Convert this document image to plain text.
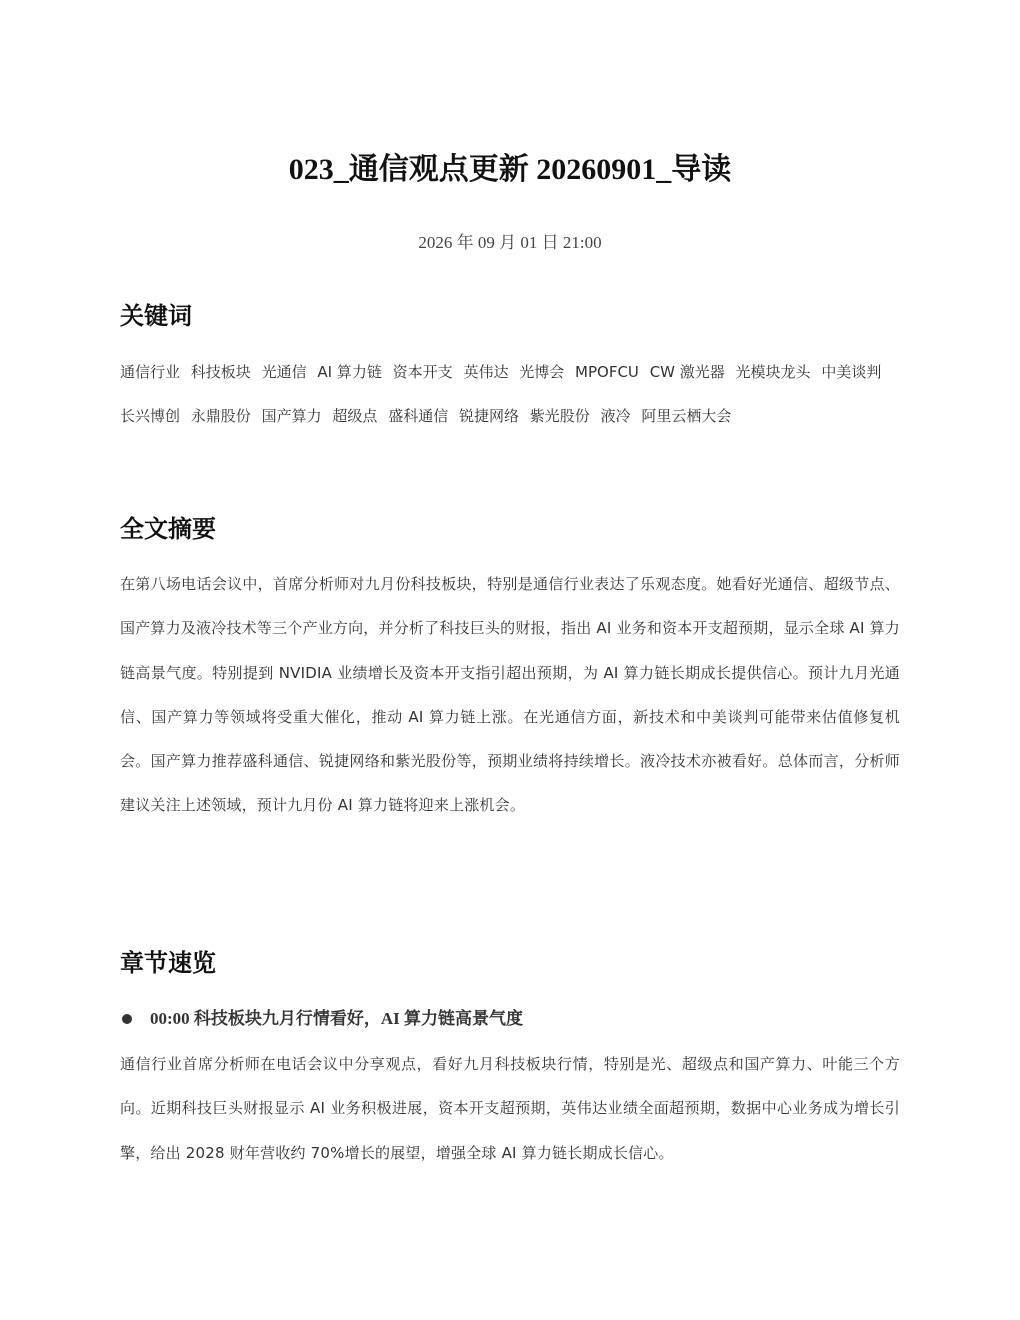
023_通信观点更新 20260901_导读
2026 年 09 月 01 日 21:00
关键词
通信行业 科技板块 光通信 AI 算力链 资本开支 英伟达 光博会 MPOFCU CW 激光器 光模块龙头 中美谈判
长兴博创 永鼎股份 国产算力 超级点 盛科通信 锐捷网络 紫光股份 液冷 阿里云栖大会
全文摘要
在第八场电话会议中，首席分析师对九月份科技板块，特别是通信行业表达了乐观态度。她看好光通信、超级节点、国产算力及液冷技术等三个产业方向，并分析了科技巨头的财报，指出 AI 业务和资本开支超预期，显示全球 AI 算力链高景气度。特别提到 NVIDIA 业绩增长及资本开支指引超出预期，为 AI 算力链长期成长提供信心。预计九月光通信、国产算力等领域将受重大催化，推动 AI 算力链上涨。在光通信方面，新技术和中美谈判可能带来估值修复机会。国产算力推荐盛科通信、锐捷网络和紫光股份等，预期业绩将持续增长。液冷技术亦被看好。总体而言，分析师建议关注上述领域，预计九月份 AI 算力链将迎来上涨机会。
章节速览
00:00 科技板块九月行情看好，AI 算力链高景气度
通信行业首席分析师在电话会议中分享观点，看好九月科技板块行情，特别是光、超级点和国产算力、叶能三个方向。近期科技巨头财报显示 AI 业务积极进展，资本开支超预期，英伟达业绩全面超预期，数据中心业务成为增长引擎，给出 2028 财年营收约 70%增长的展望，增强全球 AI 算力链长期成长信心。
